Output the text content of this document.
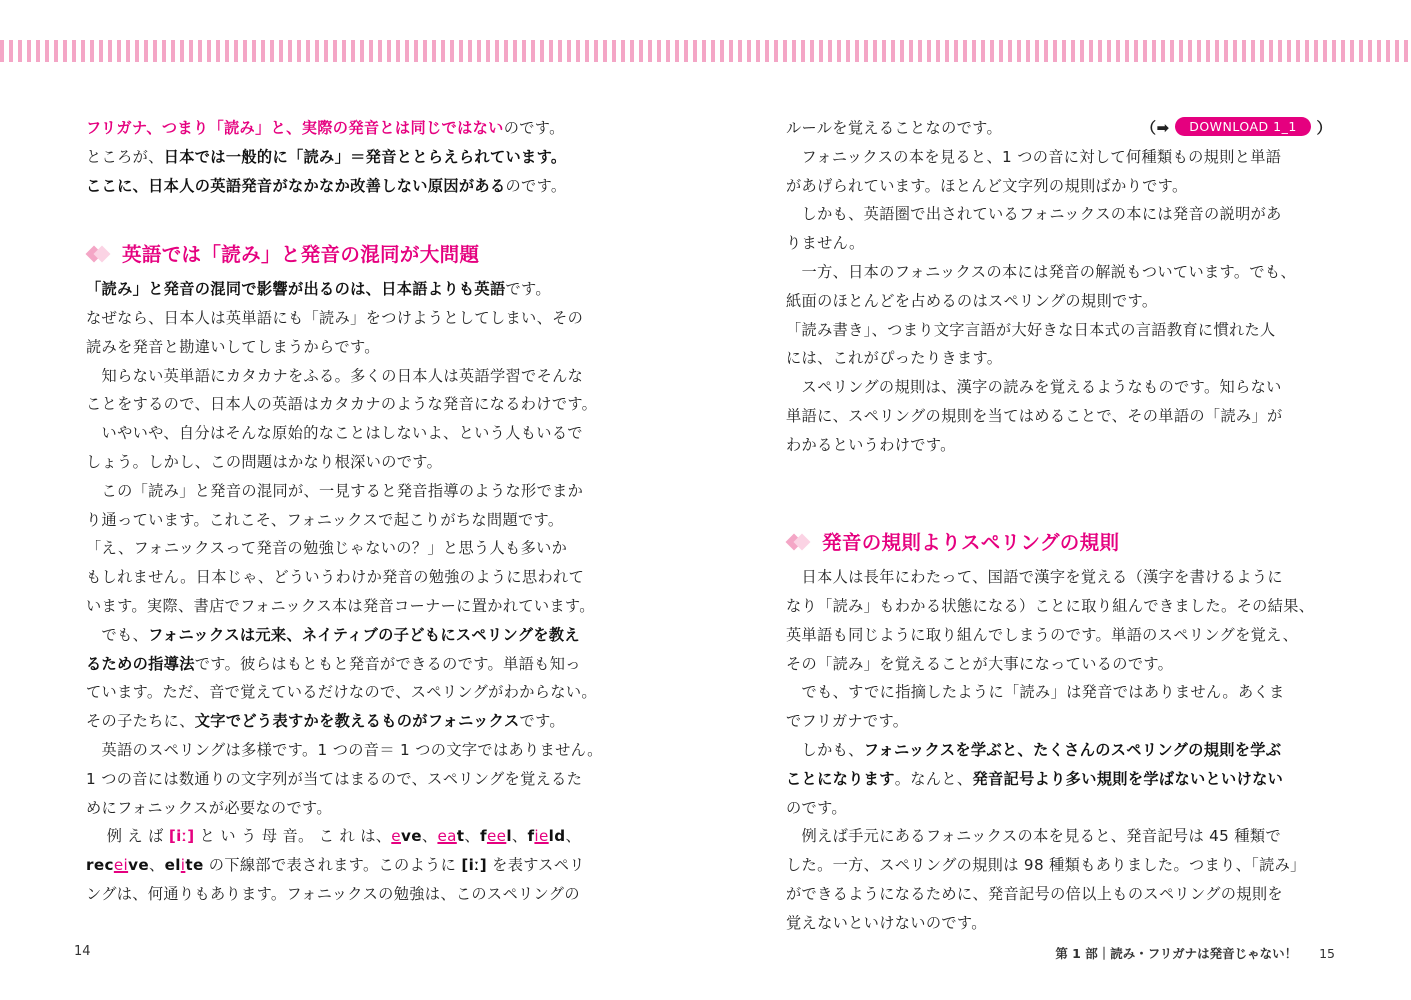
フリガナ、つまり「読み」と、実際の発音とは同じではないのです。
ところが、日本では一般的に「読み」＝発音ととらえられています。
ここに、日本人の英語発音がなかなか改善しない原因があるのです。
英語では「読み」と発音の混同が大問題
「読み」と発音の混同で影響が出るのは、日本語よりも英語です。
なぜなら、日本人は英単語にも「読み」をつけようとしてしまい、その
読みを発音と勘違いしてしまうからです。
　知らない英単語にカタカナをふる。多くの日本人は英語学習でそんな
ことをするので、日本人の英語はカタカナのような発音になるわけです。
　いやいや、自分はそんな原始的なことはしないよ、という人もいるで
しょう。しかし、この問題はかなり根深いのです。
　この「読み」と発音の混同が、一見すると発音指導のような形でまか
り通っています。これこそ、フォニックスで起こりがちな問題です。
「え、フォニックスって発音の勉強じゃないの？」と思う人も多いか
もしれません。日本じゃ、どういうわけか発音の勉強のように思われて
います。実際、書店でフォニックス本は発音コーナーに置かれています。
　でも、フォニックスは元来、ネイティブの子どもにスペリングを教え
るための指導法です。彼らはもともと発音ができるのです。単語も知っ
ています。ただ、音で覚えているだけなので、スペリングがわからない。
その子たちに、文字でどう表すかを教えるものがフォニックスです。
　英語のスペリングは多様です。1 つの音＝ 1 つの文字ではありません。
1 つの音には数通りの文字列が当てはまるので、スペリングを覚えるた
めにフォニックスが必要なのです。
　 例 え ば [iː] と い う 母 音。 こ れ は、eve、eat、feel、field、
receive、elite の下線部で表されます。このように [iː] を表すスペリ
ングは、何通りもあります。フォニックスの勉強は、このスペリングの
ルールを覚えることなのです。	（➡ DOWNLOAD 1_1 ）
　フォニックスの本を見ると、1 つの音に対して何種類もの規則と単語
があげられています。ほとんど文字列の規則ばかりです。
　しかも、英語圏で出されているフォニックスの本には発音の説明があ
りません。
　一方、日本のフォニックスの本には発音の解説もついています。でも、
紙面のほとんどを占めるのはスペリングの規則です。
「読み書き」、つまり文字言語が大好きな日本式の言語教育に慣れた人
には、これがぴったりきます。
　スペリングの規則は、漢字の読みを覚えるようなものです。知らない
単語に、スペリングの規則を当てはめることで、その単語の「読み」が
わかるというわけです。
発音の規則よりスペリングの規則
　日本人は長年にわたって、国語で漢字を覚える（漢字を書けるように
なり「読み」もわかる状態になる）ことに取り組んできました。その結果、
英単語も同じように取り組んでしまうのです。単語のスペリングを覚え、
その「読み」を覚えることが大事になっているのです。
　でも、すでに指摘したように「読み」は発音ではありません。あくま
でフリガナです。
　しかも、フォニックスを学ぶと、たくさんのスペリングの規則を学ぶ
ことになります。なんと、発音記号より多い規則を学ばないといけない
のです。
　例えば手元にあるフォニックスの本を見ると、発音記号は 45 種類で
した。一方、スペリングの規則は 98 種類もありました。つまり、「読み」
ができるようになるために、発音記号の倍以上ものスペリングの規則を
覚えないといけないのです。
14	第 1 部｜読み・フリガナは発音じゃない！ 15
